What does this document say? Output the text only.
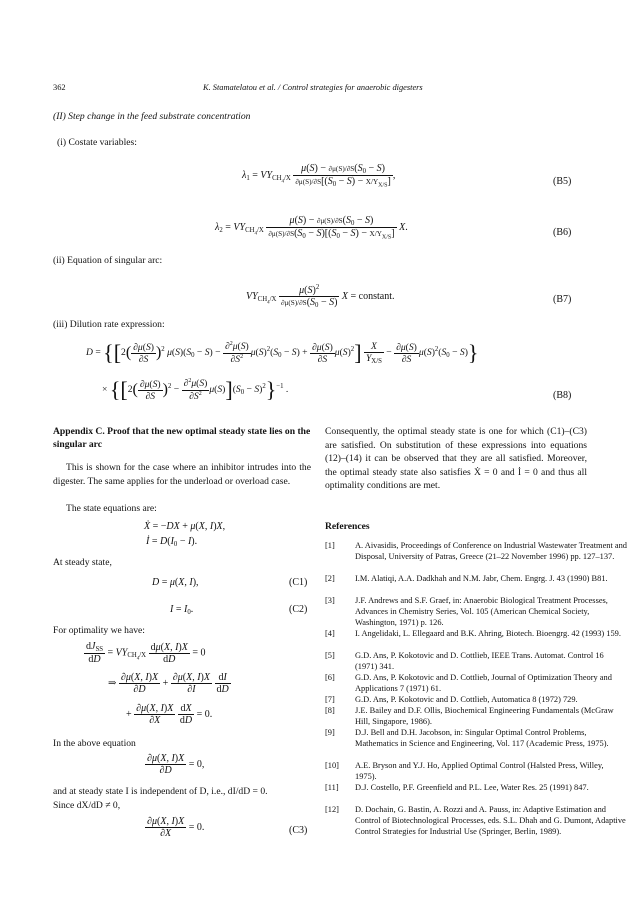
362	K. Stamatelatou et al. / Control strategies for anaerobic digesters
(II) Step change in the feed substrate concentration
(i) Costate variables:
$\lambda_1 = VY_{CH_4/X} \frac{\mu(S) - \partial\mu(S)/\partial S(S_0 - S)}{\partial\mu(S)/\partial S[(S_0 - S) - X/Y_{X/S}]}$ ,
(B5)
$\lambda_2 = VY_{CH_4/X} \frac{\mu(S) - \partial\mu(S)/\partial S(S_0 - S)}{\partial\mu(S)/\partial S(S_0 - S)[(S_0 - S) - X/Y_{X/S}]} X$.	(B6)
(ii) Equation of singular arc:
$VY_{CH_4/X} \frac{\mu(S)^2}{\partial\mu(S)/\partial S(S_0 - S)}$ X = constant.	(B7)
(iii) Dilution rate expression:
$D = \{[2( \frac{\partial\mu(S)}{\partial S} )^2$ $\mu(S)(S_0 - S) - \frac{\partial^2\mu(S)}{\partial S^2} \mu(S)^2(S_0 - S) + \frac{\partial\mu(S)}{\partial S} \mu(S)^2] \frac{X}{Y_{X/S}} - \frac{\partial\mu(S)}{\partial S} \mu(S)^2(S_0 - S)$}
× $\{[2( \frac{\partial\mu(S)}{\partial S} )^2 - \frac{\partial^2\mu(S)}{\partial S^2} \mu(S)](S_0 - S)^2\}^{-1}$ .
(B8)
Appendix C. Proof that the new optimal steady state lies on the singular arc
This is shown for the case where an inhibitor intrudes into the digester. The same applies for the underload or overload case.
The state equations are:
Ẋ = −DX + μ(X, I)X,
İ = $D(I_0 - I)$.
At steady state,
D = μ(X, I),	(C1)
$I = I_0$.	(C2)
For optimality we have:
$\frac{dJ_{SS}}{dD} = VY_{CH_4/X} \frac{d\mu(X, I)X}{dD} = 0$
⇒ $\frac{\partial\mu(X, I)X}{\partial D} + \frac{\partial\mu(X, I)X}{\partial I}$
$\frac{dI}{dD}$
+ $\frac{\partial\mu(X, I)X}{\partial X}$
$\frac{dX}{dD} = 0$.
In the above equation
$\frac{\partial\mu(X, I)X}{\partial D} = 0$,
and at steady state I is independent of D, i.e., dI/dD = 0.
Since dX/dD ≠ 0,
$\frac{\partial\mu(X, I)X}{\partial X} = 0$.	(C3)
Consequently, the optimal steady state is one for which (C1)–(C3) are satisfied. On substitution of these expressions into equations (12)–(14) it can be observed that they are all satisfied. Moreover, the optimal steady state also satisfies Ẋ = 0 and İ = 0 and thus all optimality conditions are met.
References
[1] A. Aivasidis, Proceedings of Conference on Industrial Wastewater Treatment and Disposal, University of Patras, Greece (21–22 November 1996) pp. 127–137.
[2] I.M. Alatiqi, A.A. Dadkhah and N.M. Jabr, Chem. Engrg. J. 43 (1990) B81.
[3] J.F. Andrews and S.F. Graef, in: Anaerobic Biological Treatment Processes, Advances in Chemistry Series, Vol. 105 (American Chemical Society, Washington, 1971) p. 126.
[4] I. Angelidaki, L. Ellegaard and B.K. Ahring, Biotech. Bioengrg. 42 (1993) 159.
[5] G.D. Ans, P. Kokotovic and D. Cottlieb, IEEE Trans. Automat. Control 16 (1971) 341.
[6] G.D. Ans, P. Kokotovic and D. Cottlieb, Journal of Optimization Theory and Applications 7 (1971) 61.
[7] G.D. Ans, P. Kokotovic and D. Cottlieb, Automatica 8 (1972) 729.
[8] J.E. Bailey and D.F. Ollis, Biochemical Engineering Fundamentals (McGraw Hill, Singapore, 1986).
[9] D.J. Bell and D.H. Jacobson, in: Singular Optimal Control Problems, Mathematics in Science and Engineering, Vol. 117 (Academic Press, 1975).
[10] A.E. Bryson and Y.J. Ho, Applied Optimal Control (Halsted Press, Willey, 1975).
[11] D.J. Costello, P.F. Greenfield and P.L. Lee, Water Res. 25 (1991) 847.
[12] D. Dochain, G. Bastin, A. Rozzi and A. Pauss, in: Adaptive Estimation and Control of Biotechnological Processes, eds. S.L. Dhah and G. Dumont, Adaptive Control Strategies for Industrial Use (Springer, Berlin, 1989).
